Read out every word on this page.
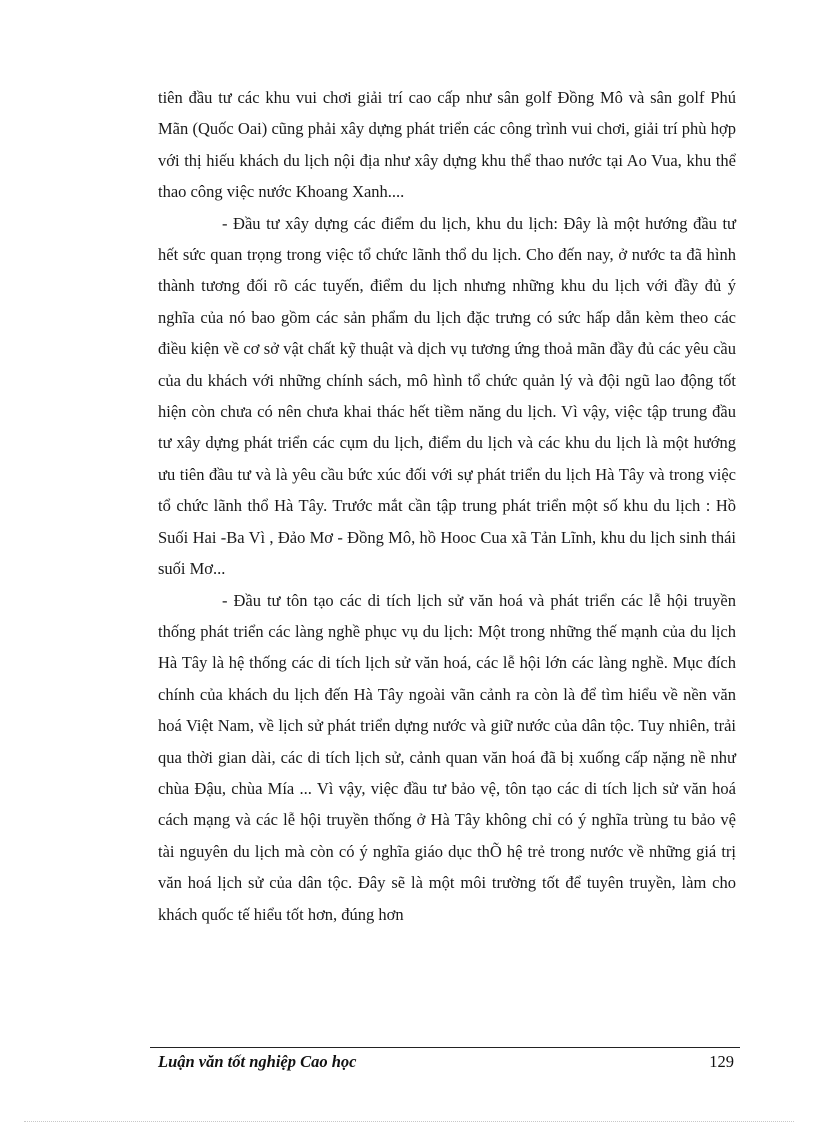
tiên đầu tư các khu vui chơi giải trí cao cấp như sân golf Đồng Mô và sân golf Phú Mãn (Quốc Oai) cũng phải xây dựng phát triển các công trình vui chơi, giải trí phù hợp với thị hiếu khách du lịch nội địa như xây dựng khu thể thao nước tại Ao Vua, khu thể thao công việc nước Khoang Xanh....

- Đầu tư xây dựng các điểm du lịch, khu du lịch: Đây là một hướng đầu tư hết sức quan trọng trong việc tổ chức lãnh thổ du lịch. Cho đến nay, ở nước ta đã hình thành tương đối rõ các tuyến, điểm du lịch nhưng những khu du lịch với đầy đủ ý nghĩa của nó bao gồm các sản phẩm du lịch đặc trưng có sức hấp dẫn kèm theo các điều kiện về cơ sở vật chất kỹ thuật và dịch vụ tương ứng thoả mãn đầy đủ các yêu cầu của du khách với những chính sách, mô hình tổ chức quản lý và đội ngũ lao động tốt hiện còn chưa có nên chưa khai thác hết tiềm năng du lịch. Vì vậy, việc tập trung đầu tư xây dựng phát triển các cụm du lịch, điểm du lịch và các khu du lịch là một hướng ưu tiên đầu tư và là yêu cầu bức xúc đối với sự phát triển du lịch Hà Tây và trong việc tổ chức lãnh thổ Hà Tây. Trước mắt cần tập trung phát triển một số khu du lịch : Hồ Suối Hai -Ba Vì , Đảo Mơ - Đồng Mô, hồ Hooc Cua xã Tản Lĩnh, khu du lịch sinh thái suối Mơ...

- Đầu tư tôn tạo các di tích lịch sử văn hoá và phát triển các lễ hội truyền thống phát triển các làng nghề phục vụ du lịch: Một trong những thế mạnh của du lịch Hà Tây là hệ thống các di tích lịch sử văn hoá, các lễ hội lớn các làng nghề. Mục đích chính của khách du lịch đến Hà Tây ngoài vãn cảnh ra còn là để tìm hiểu về nền văn hoá Việt Nam, về lịch sử phát triển dựng nước và giữ nước của dân tộc. Tuy nhiên, trải qua thời gian dài, các di tích lịch sử, cảnh quan văn hoá đã bị xuống cấp nặng nề như chùa Đậu, chùa Mía ... Vì vậy, việc đầu tư bảo vệ, tôn tạo các di tích lịch sử văn hoá cách mạng và các lễ hội truyền thống ở Hà Tây không chỉ có ý nghĩa trùng tu bảo vệ tài nguyên du lịch mà còn có ý nghĩa giáo dục thÕ hệ trẻ trong nước về những giá trị văn hoá lịch sử của dân tộc. Đây sẽ là một môi trường tốt để tuyên truyền, làm cho khách quốc tế hiểu tốt hơn, đúng hơn

Luận văn tốt nghiệp Cao học	129
